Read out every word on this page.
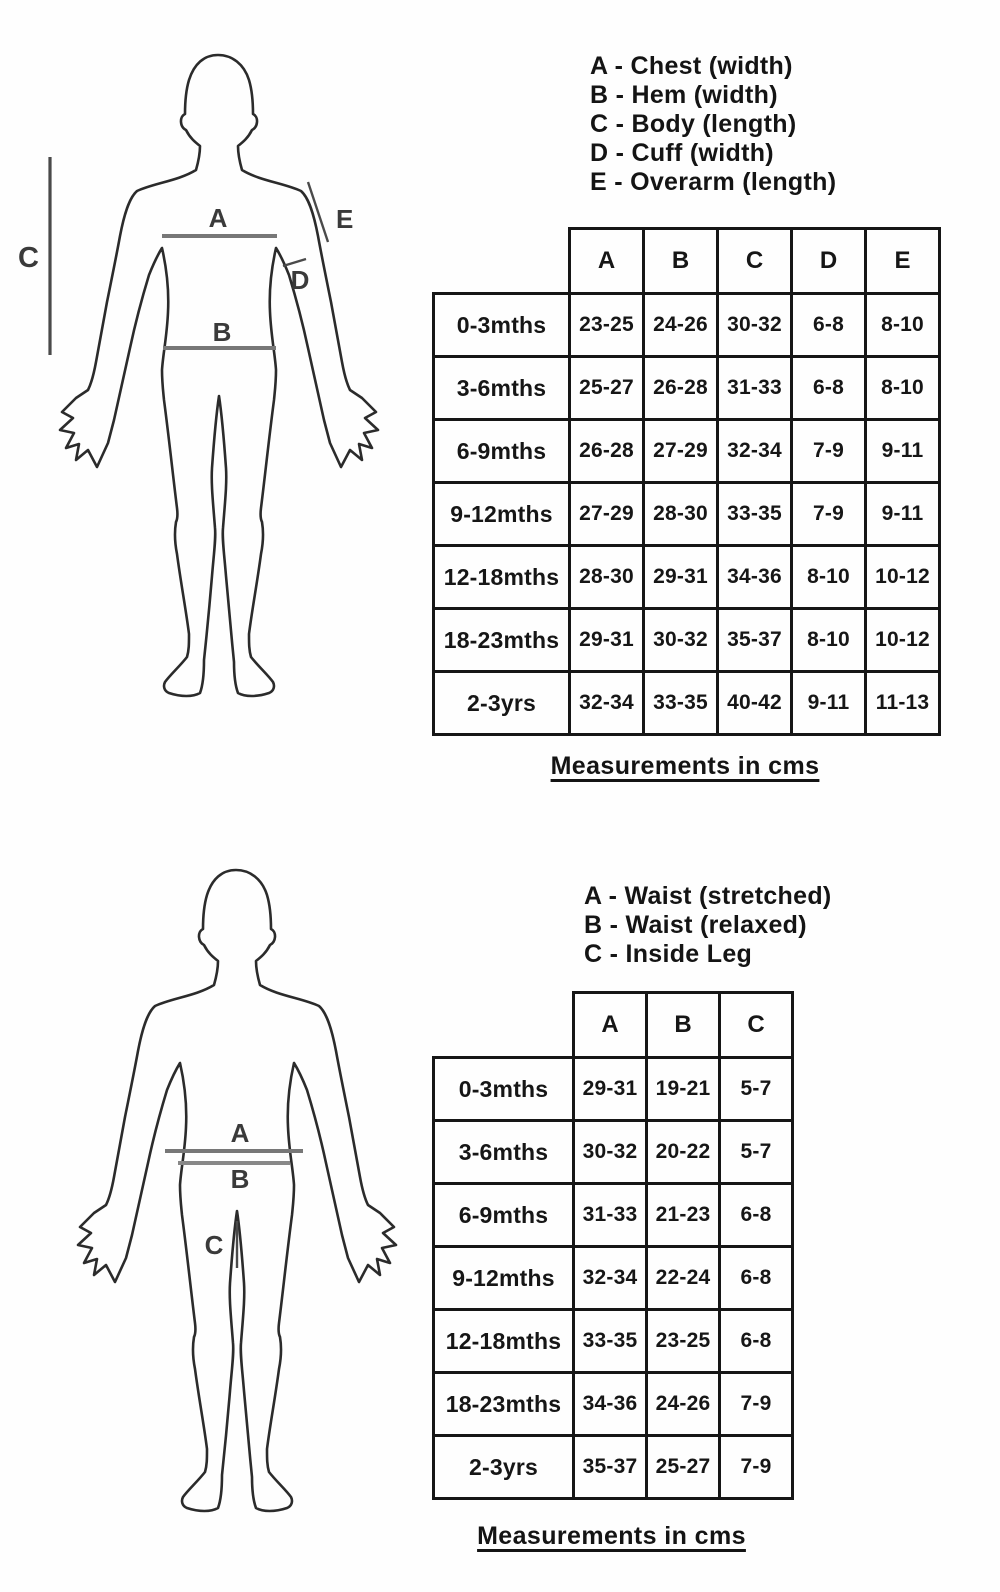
C
A
B
D
E
A - Chest (width)
B - Hem (width)
C - Body (length)
D - Cuff (width)
E - Overarm (length)
	A	B	C	D	E
0-3mths	23-25	24-26	30-32	6-8	8-10
3-6mths	25-27	26-28	31-33	6-8	8-10
6-9mths	26-28	27-29	32-34	7-9	9-11
9-12mths	27-29	28-30	33-35	7-9	9-11
12-18mths	28-30	29-31	34-36	8-10	10-12
18-23mths	29-31	30-32	35-37	8-10	10-12
2-3yrs	32-34	33-35	40-42	9-11	11-13
Measurements in cms
A
B
C
A - Waist (stretched)
B - Waist (relaxed)
C - Inside Leg
	A	B	C
0-3mths	29-31	19-21	5-7
3-6mths	30-32	20-22	5-7
6-9mths	31-33	21-23	6-8
9-12mths	32-34	22-24	6-8
12-18mths	33-35	23-25	6-8
18-23mths	34-36	24-26	7-9
2-3yrs	35-37	25-27	7-9
Measurements in cms
